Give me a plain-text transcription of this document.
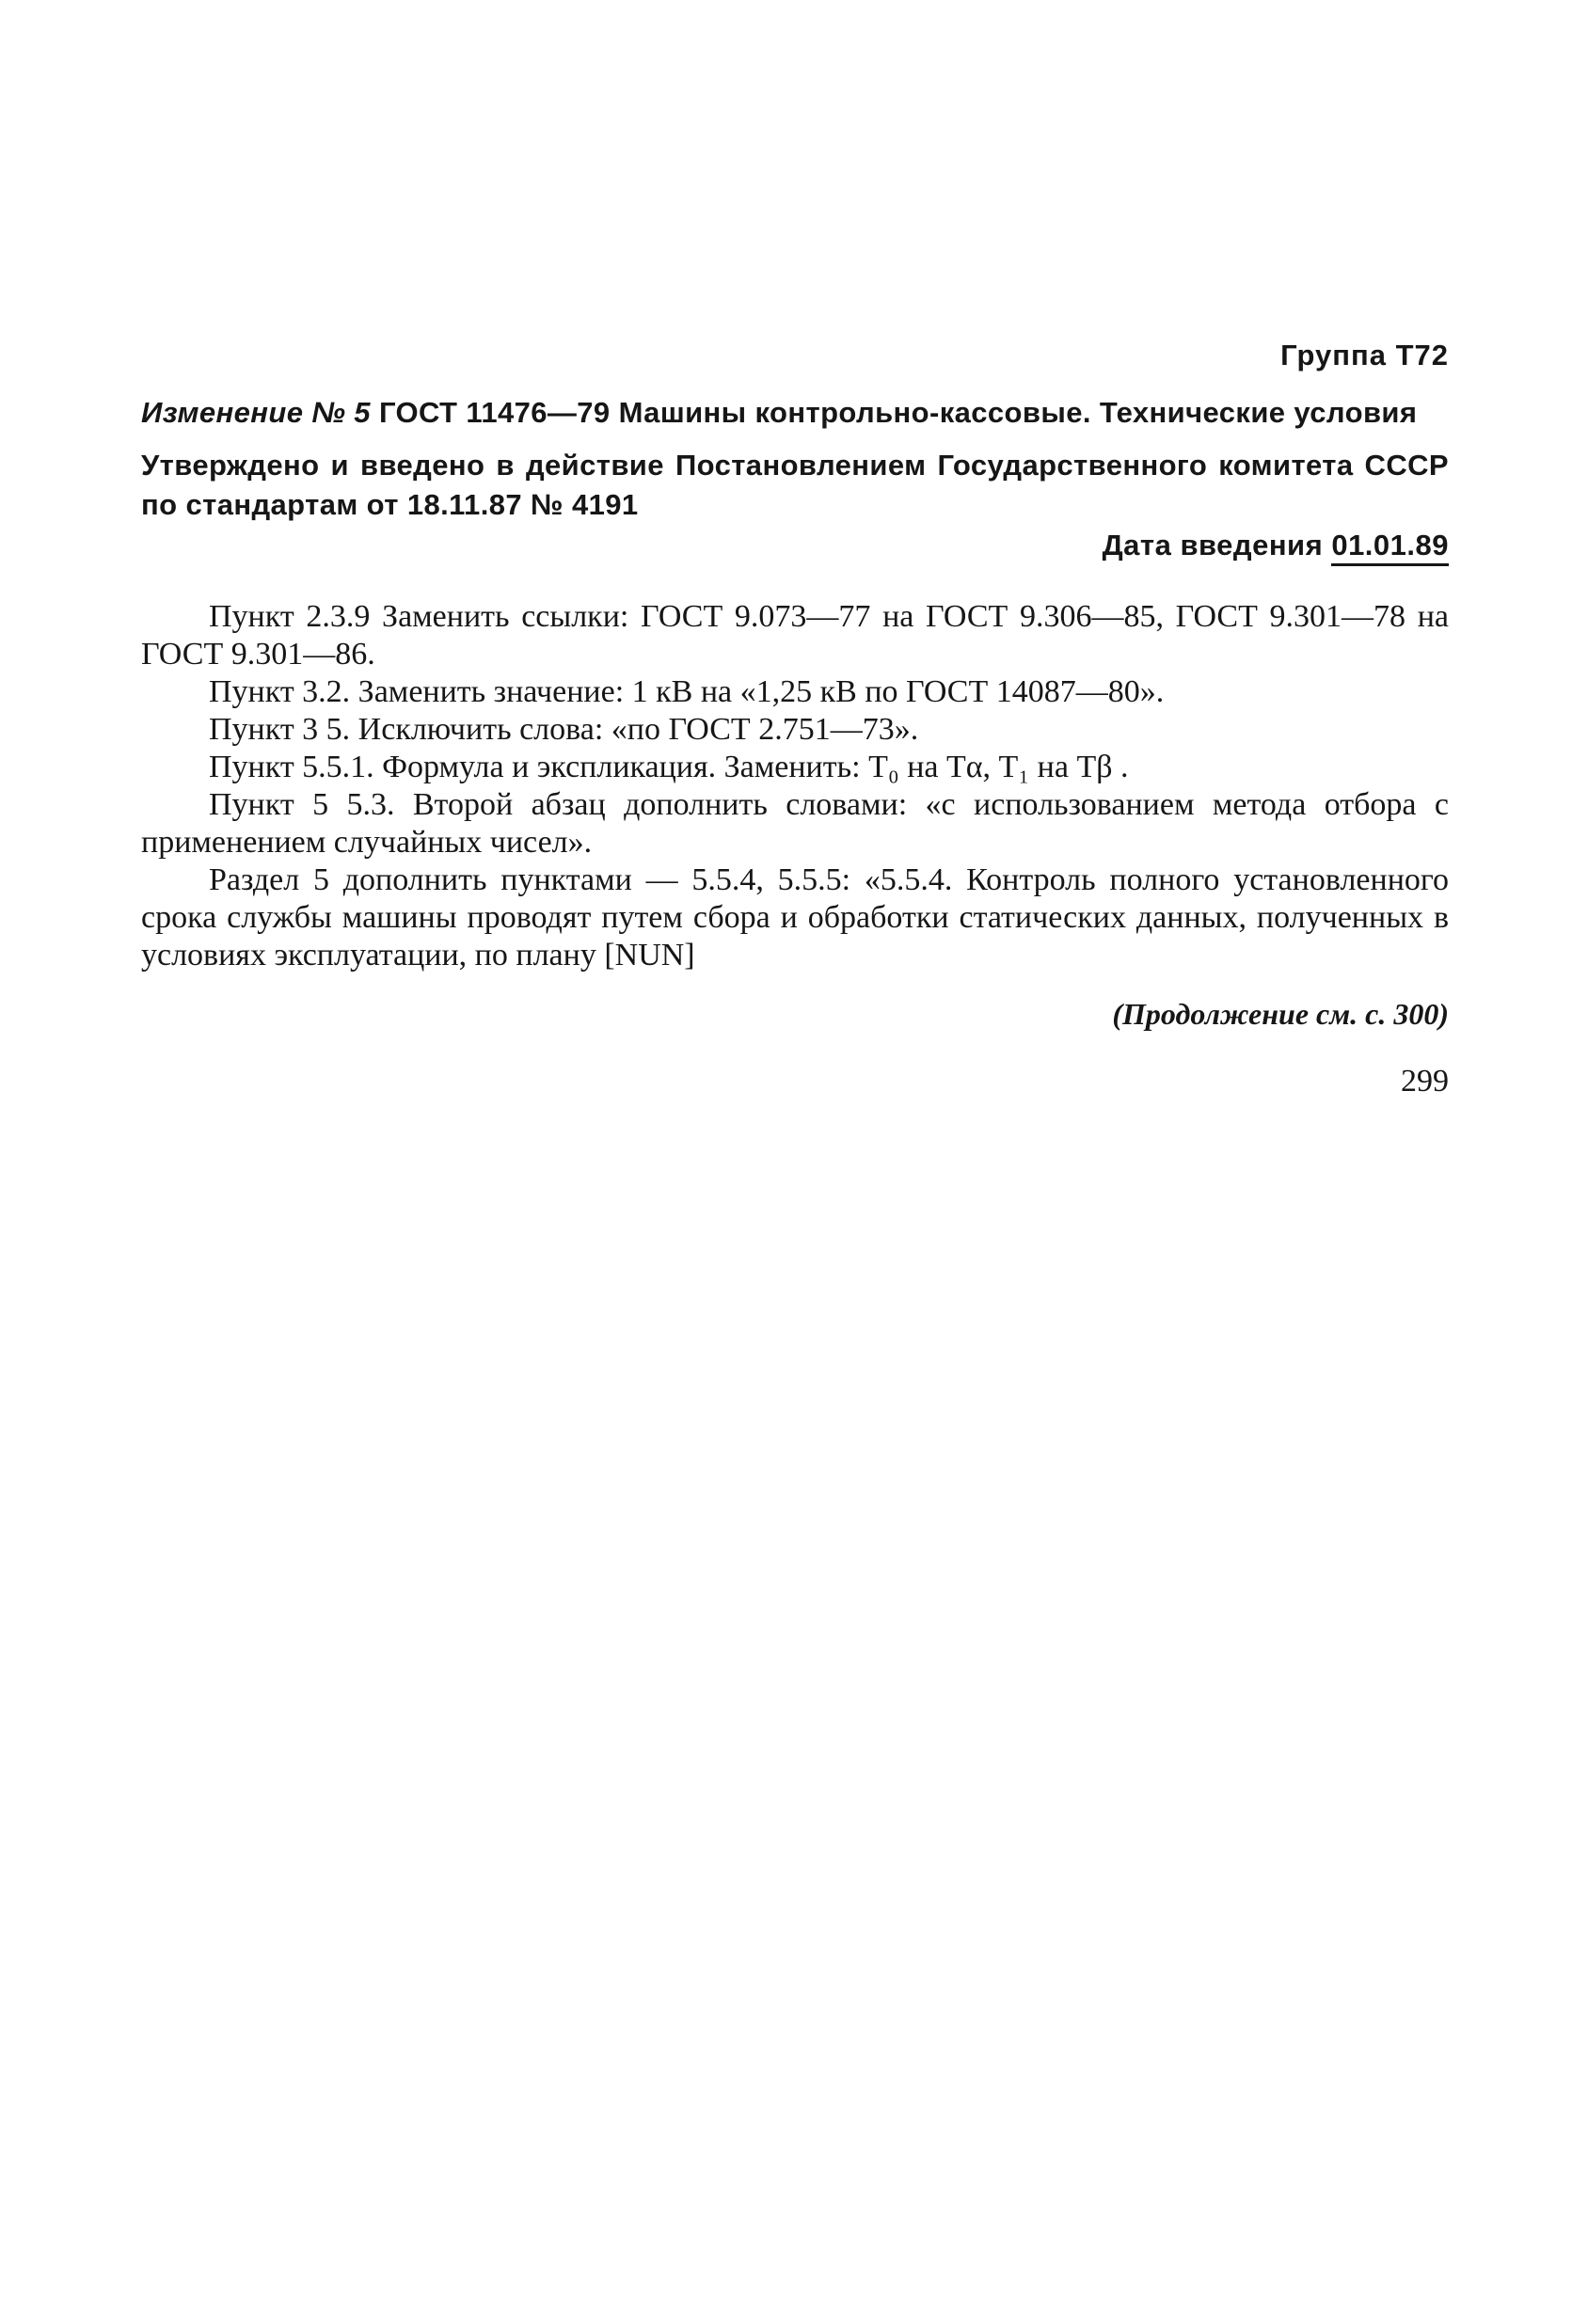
Группа Т72
Изменение № 5 ГОСТ 11476—79 Машины контрольно-кассовые. Технические условия
Утверждено и введено в действие Постановлением Государственного комитета СССР по стандартам от 18.11.87 № 4191
Дата введения 01.01.89

Пункт 2.3.9 Заменить ссылки: ГОСТ 9.073—77 на ГОСТ 9.306—85, ГОСТ 9.301—78 на ГОСТ 9.301—86.

Пункт 3.2. Заменить значение: 1 кВ на «1,25 кВ по ГОСТ 14087—80».

Пункт 3 5. Исключить слова: «по ГОСТ 2.751—73».

Пункт 5.5.1. Формула и экспликация. Заменить: T₀ на Tα, T₁ на Tβ .

Пункт 5 5.3. Второй абзац дополнить словами: «с использованием метода отбора с применением случайных чисел».

Раздел 5 дополнить пунктами — 5.5.4, 5.5.5: «5.5.4. Контроль полного установленного срока службы машины проводят путем сбора и обработки статических данных, полученных в условиях эксплуатации, по плану [NUN]

(Продолжение см. с. 300)
299
